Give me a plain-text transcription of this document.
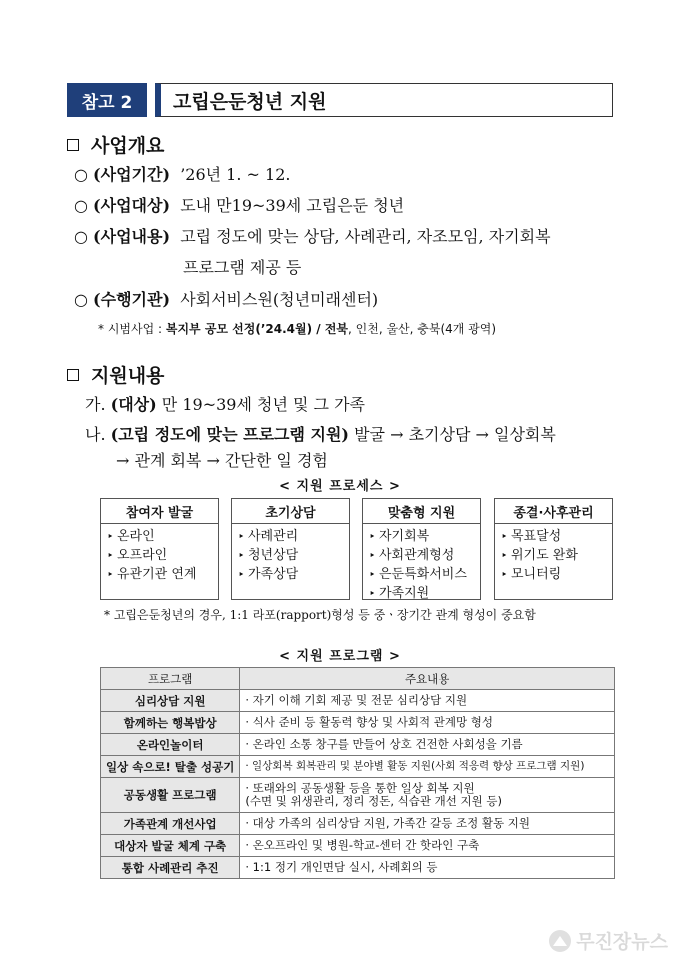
참고 2	고립은둔청년 지원
사업개요
○ (사업기간) ’26년 1. ~ 12.
○ (사업대상) 도내 만19~39세 고립은둔 청년
○ (사업내용) 고립 정도에 맞는 상담, 사례관리, 자조모임, 자기회복
프로그램 제공 등
○ (수행기관) 사회서비스원(청년미래센터)
* 시범사업 : 복지부 공모 선정(’24.4월) / 전북, 인천, 울산, 충북(4개 광역)
지원내용
가. (대상) 만 19~39세 청년 및 그 가족
나. (고립 정도에 맞는 프로그램 지원) 발굴 → 초기상담 → 일상회복
→ 관계 회복 → 간단한 일 경험
< 지원 프로세스 >
참여자 발굴
‣ 온라인
‣ 오프라인
‣ 유관기관 연계
초기상담
‣ 사례관리
‣ 청년상담
‣ 가족상담
맞춤형 지원
‣ 자기회복
‣ 사회관계형성
‣ 은둔특화서비스
‣ 가족지원
종결·사후관리
‣ 목표달성
‣ 위기도 완화
‣ 모니터링
* 고립은둔청년의 경우, 1:1 라포(rapport)형성 등 중ㆍ장기간 관계 형성이 중요함
< 지원 프로그램 >
프로그램	주요내용
심리상담 지원	· 자기 이해 기회 제공 및 전문 심리상담 지원
함께하는 행복밥상	· 식사 준비 등 활동력 향상 및 사회적 관계망 형성
온라인놀이터	· 온라인 소통 창구를 만들어 상호 건전한 사회성을 기름
일상 속으로! 탈출 성공기	· 일상회복 회복관리 및 분야별 활동 지원(사회 적응력 향상 프로그램 지원)
공동생활 프로그램	· 또래와의 공동생활 등을 통한 일상 회복 지원
(수면 및 위생관리, 정리 정돈, 식습관 개선 지원 등)

가족관계 개선사업	· 대상 가족의 심리상담 지원, 가족간 갈등 조정 활동 지원
대상자 발굴 체계 구축	· 온오프라인 및 병원-학교-센터 간 핫라인 구축
통합 사례관리 추진	· 1:1 정기 개인면담 실시, 사례회의 등
무진장뉴스
